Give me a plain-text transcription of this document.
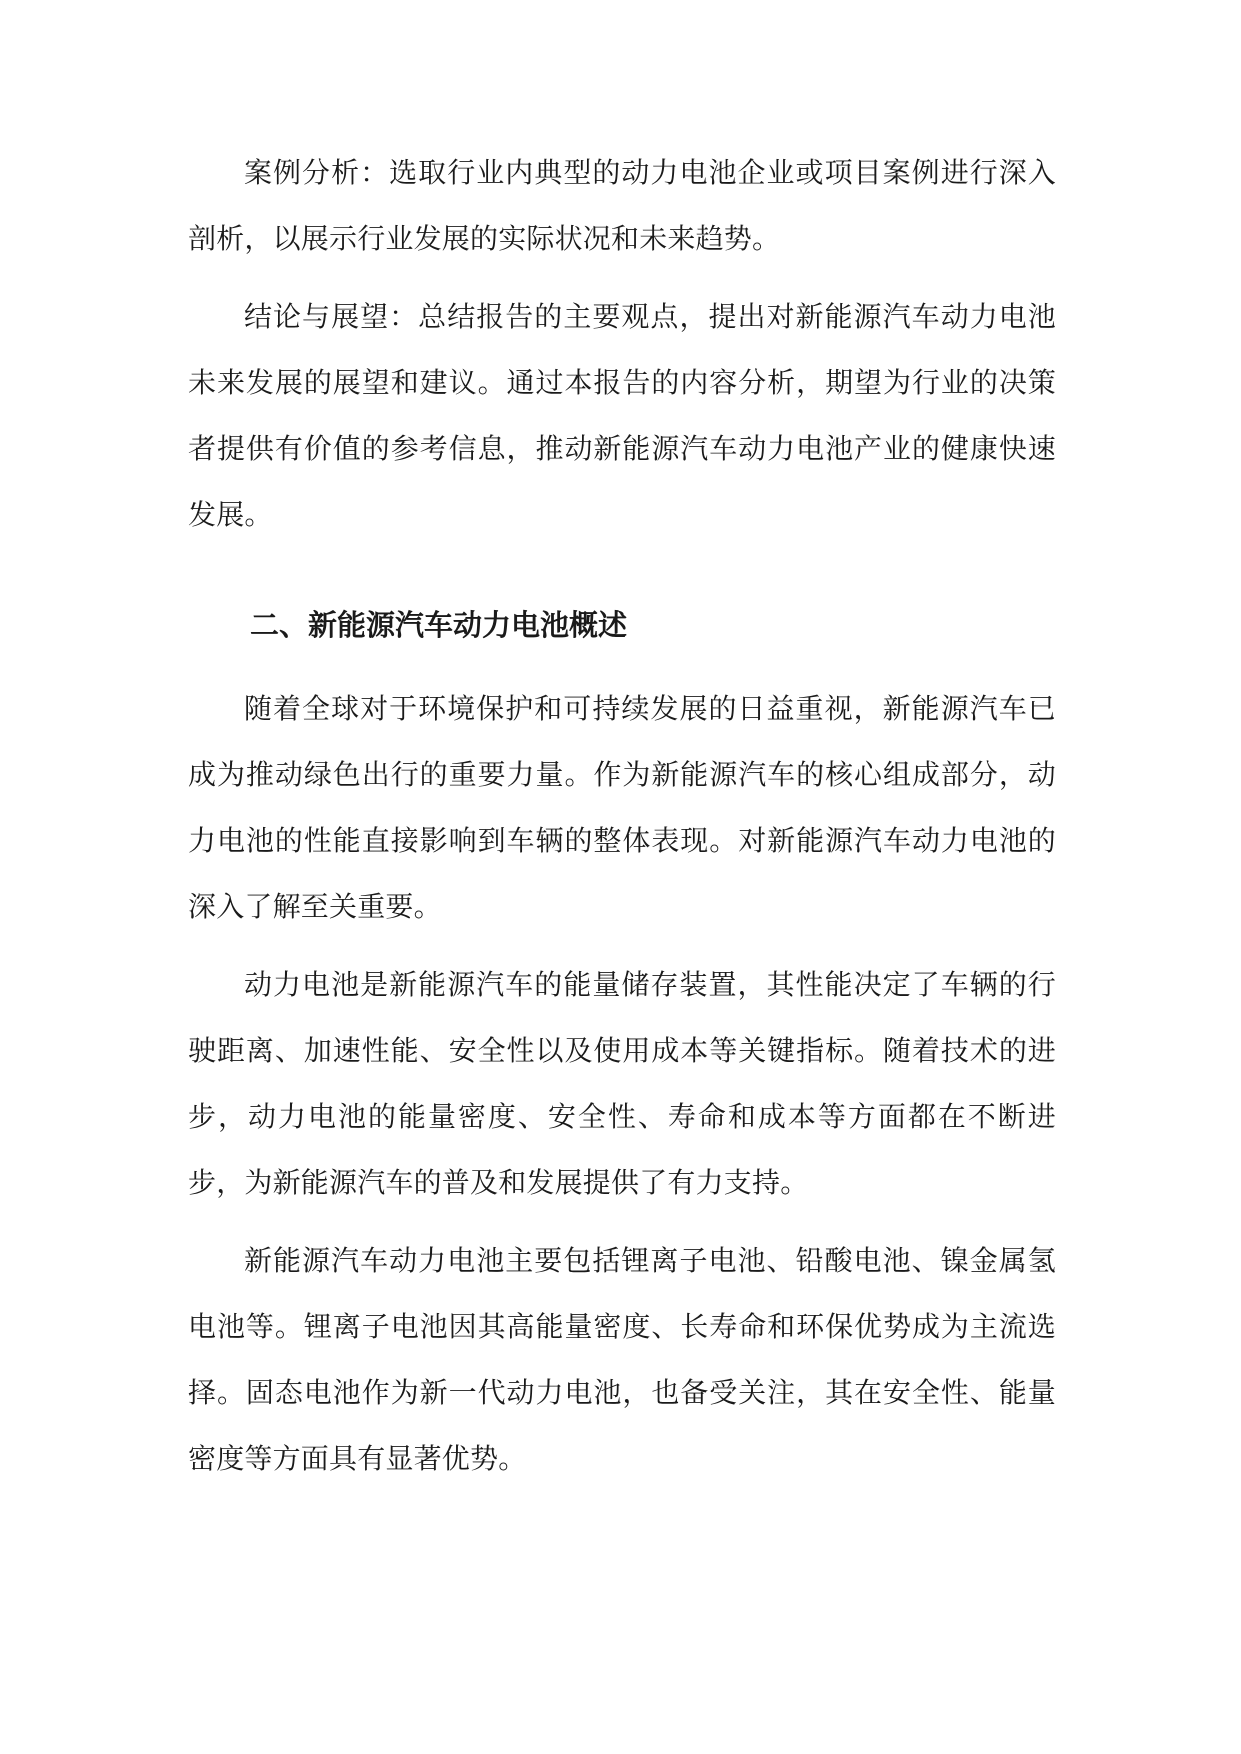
案例分析：选取行业内典型的动力电池企业或项目案例进行深入剖析，以展示行业发展的实际状况和未来趋势。

结论与展望：总结报告的主要观点，提出对新能源汽车动力电池未来发展的展望和建议。通过本报告的内容分析，期望为行业的决策者提供有价值的参考信息，推动新能源汽车动力电池产业的健康快速发展。

二、新能源汽车动力电池概述

随着全球对于环境保护和可持续发展的日益重视，新能源汽车已成为推动绿色出行的重要力量。作为新能源汽车的核心组成部分，动力电池的性能直接影响到车辆的整体表现。对新能源汽车动力电池的深入了解至关重要。

动力电池是新能源汽车的能量储存装置，其性能决定了车辆的行驶距离、加速性能、安全性以及使用成本等关键指标。随着技术的进步，动力电池的能量密度、安全性、寿命和成本等方面都在不断进步，为新能源汽车的普及和发展提供了有力支持。

新能源汽车动力电池主要包括锂离子电池、铅酸电池、镍金属氢电池等。锂离子电池因其高能量密度、长寿命和环保优势成为主流选择。固态电池作为新一代动力电池，也备受关注，其在安全性、能量密度等方面具有显著优势。
